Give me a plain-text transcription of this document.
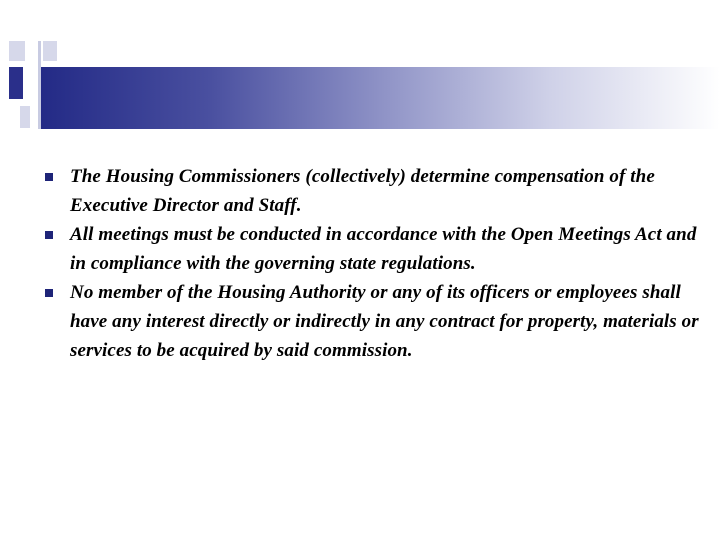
The Housing Commissioners (collectively) determine compensation of the Executive Director and Staff.
All meetings must be conducted in accordance with the Open Meetings Act and in compliance with the governing state regulations.
No member of the Housing Authority or any of its officers or employees shall have any interest directly or indirectly in any contract for property, materials or services to be acquired by said commission.
